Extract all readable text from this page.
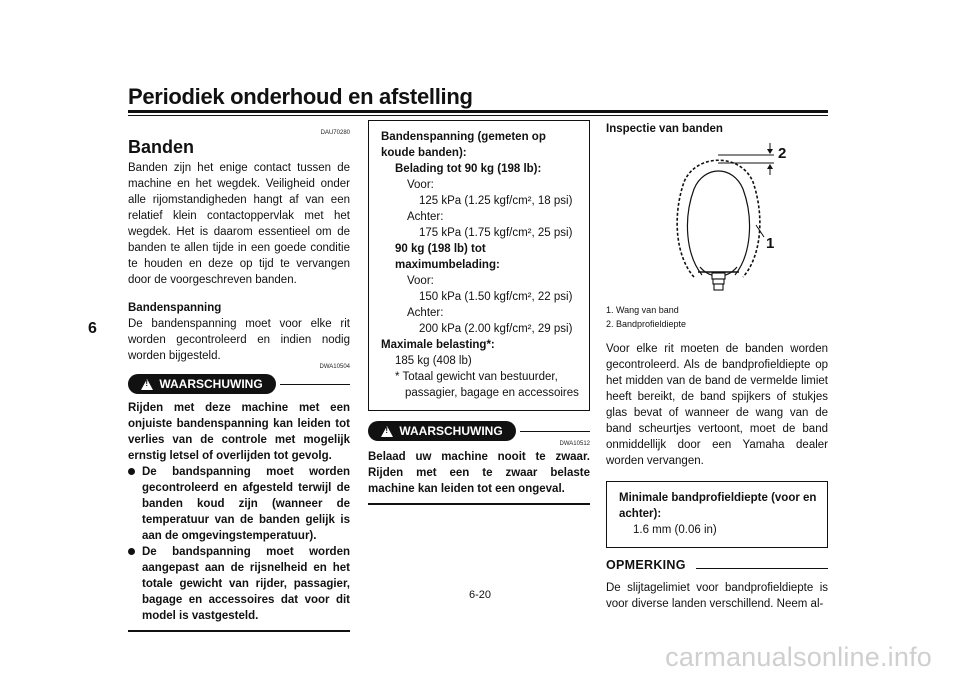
Periodiek onderhoud en afstelling
6
DAU70280
Banden

Banden zijn het enige contact tussen de machine en het wegdek. Veiligheid onder alle rijomstandigheden hangt af van een relatief klein contactoppervlak met het wegdek. Het is daarom essentieel om de banden te allen tijde in een goede conditie te houden en deze op tijd te vervangen door de voorgeschreven banden.

Bandenspanning

De bandenspanning moet voor elke rit worden gecontroleerd en indien nodig worden bijgesteld.

DWA10504
!
WAARSCHUWING
Rijden met deze machine met een onjuiste bandenspanning kan leiden tot verlies van de controle met mogelijk ernstig letsel of overlijden tot gevolg.
De bandspanning moet worden gecontroleerd en afgesteld terwijl de banden koud zijn (wanneer de temperatuur van de banden gelijk is aan de omgevingstemperatuur).
De bandspanning moet worden aangepast aan de rijsnelheid en het totale gewicht van rijder, passagier, bagage en accessoires dat voor dit model is vastgesteld.
Bandenspanning (gemeten op koude banden):
Belading tot 90 kg (198 lb):
Voor:
125 kPa (1.25 kgf/cm², 18 psi)
Achter:
175 kPa (1.75 kgf/cm², 25 psi)
90 kg (198 lb) tot maximumbelading:
Voor:
150 kPa (1.50 kgf/cm², 22 psi)
Achter:
200 kPa (2.00 kgf/cm², 29 psi)
Maximale belasting*:
185 kg (408 lb)
* Totaal gewicht van bestuurder, passagier, bagage en accessoires
!
WAARSCHUWING
DWA10512
Belaad uw machine nooit te zwaar. Rijden met een te zwaar belaste machine kan leiden tot een ongeval.
Inspectie van banden
2
1
1. Wang van band
2. Bandprofieldiepte

Voor elke rit moeten de banden worden gecontroleerd. Als de bandprofieldiepte op het midden van de band de vermelde limiet heeft bereikt, de band spijkers of stukjes glas bevat of wanneer de wang van de band scheurtjes vertoont, moet de band onmiddellijk door een Yamaha dealer worden vervangen.

Minimale bandprofieldiepte (voor en achter):
1.6 mm (0.06 in)
OPMERKING

De slijtagelimiet voor bandprofieldiepte is voor diverse landen verschillend. Neem al-

6-20
carmanualsonline.info
